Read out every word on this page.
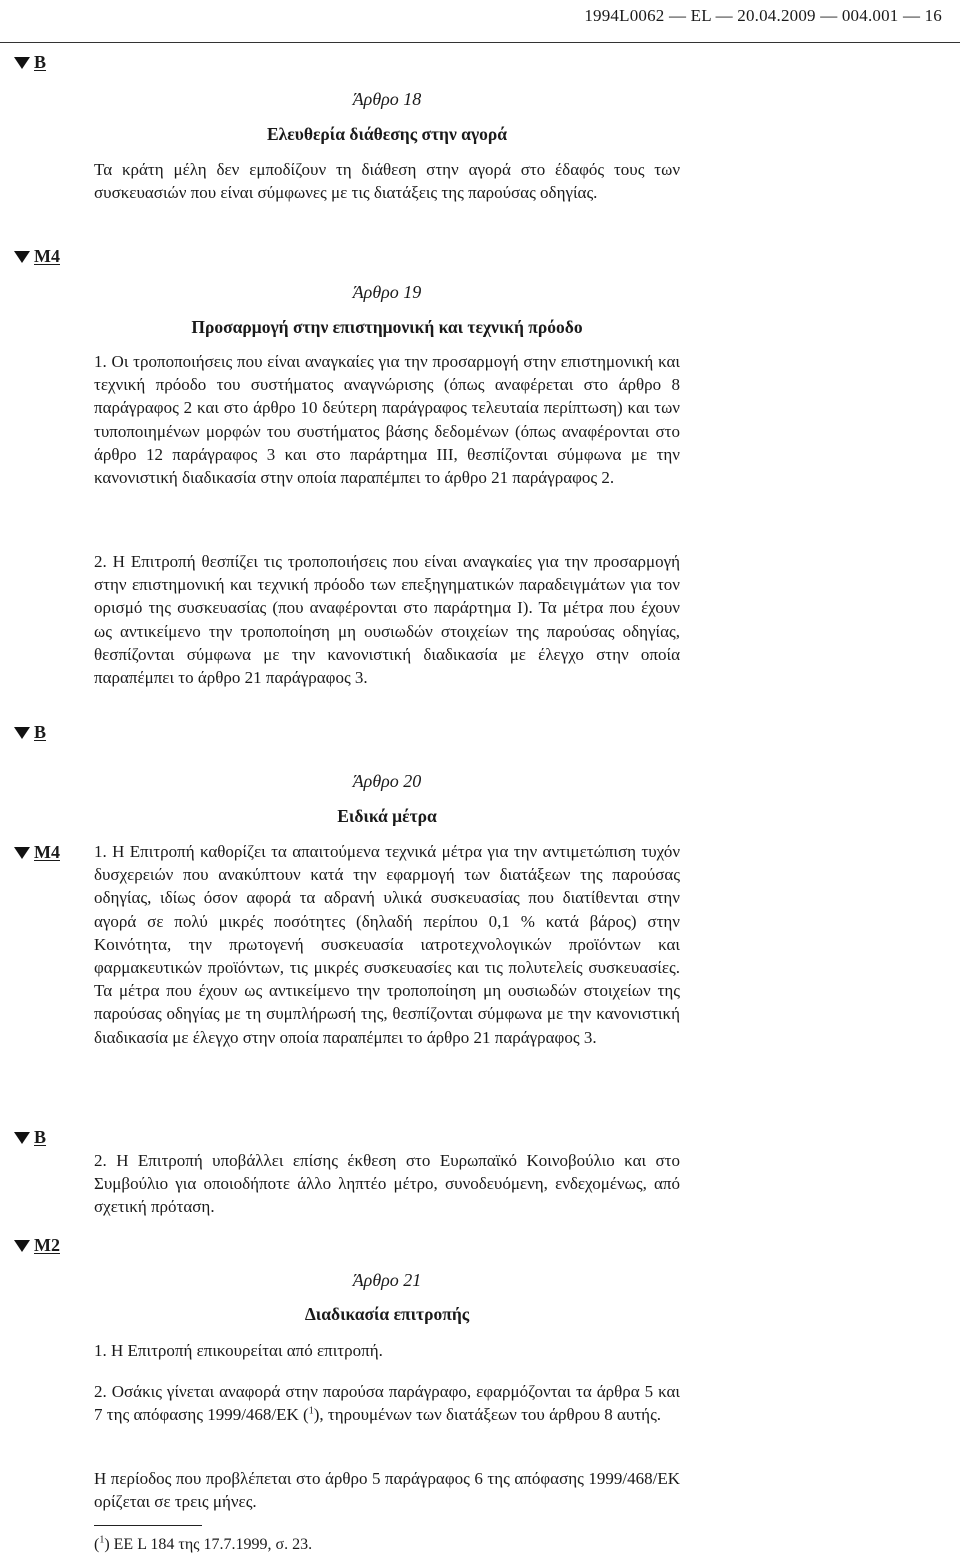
1994L0062 — EL — 20.04.2009 — 004.001 — 16
B
M4
B
M4
B
M2
Άρθρο 18
Ελευθερία διάθεσης στην αγορά

Τα κράτη μέλη δεν εμποδίζουν τη διάθεση στην αγορά στο έδαφός τους των συσκευασιών που είναι σύμφωνες με τις διατάξεις της παρούσας οδηγίας.

Άρθρο 19
Προσαρμογή στην επιστημονική και τεχνική πρόοδο

1. Οι τροποποιήσεις που είναι αναγκαίες για την προσαρμογή στην επιστημονική και τεχνική πρόοδο του συστήματος αναγνώρισης (όπως αναφέρεται στο άρθρο 8 παράγραφος 2 και στο άρθρο 10 δεύτερη παράγραφος τελευταία περίπτωση) και των τυποποιημένων μορφών του συστήματος βάσης δεδομένων (όπως αναφέρονται στο άρθρο 12 παράγραφος 3 και στο παράρτημα III, θεσπίζονται σύμφωνα με την κανονιστική διαδικασία στην οποία παραπέμπει το άρθρο 21 παράγραφος 2.

2. Η Επιτροπή θεσπίζει τις τροποποιήσεις που είναι αναγκαίες για την προσαρμογή στην επιστημονική και τεχνική πρόοδο των επεξηγηματικών παραδειγμάτων για τον ορισμό της συσκευασίας (που αναφέρονται στο παράρτημα I). Τα μέτρα που έχουν ως αντικείμενο την τροποποίηση μη ουσιωδών στοιχείων της παρούσας οδηγίας, θεσπίζονται σύμφωνα με την κανονιστική διαδικασία με έλεγχο στην οποία παραπέμπει το άρθρο 21 παράγραφος 3.

Άρθρο 20
Ειδικά μέτρα

1. Η Επιτροπή καθορίζει τα απαιτούμενα τεχνικά μέτρα για την αντιμετώπιση τυχόν δυσχερειών που ανακύπτουν κατά την εφαρμογή των διατάξεων της παρούσας οδηγίας, ιδίως όσον αφορά τα αδρανή υλικά συσκευασίας που διατίθενται στην αγορά σε πολύ μικρές ποσότητες (δηλαδή περίπου 0,1 % κατά βάρος) στην Κοινότητα, την πρωτογενή συσκευασία ιατροτεχνολογικών προϊόντων και φαρμακευτικών προϊόντων, τις μικρές συσκευασίες και τις πολυτελείς συσκευασίες. Τα μέτρα που έχουν ως αντικείμενο την τροποποίηση μη ουσιωδών στοιχείων της παρούσας οδηγίας με τη συμπλήρωσή της, θεσπίζονται σύμφωνα με την κανονιστική διαδικασία με έλεγχο στην οποία παραπέμπει το άρθρο 21 παράγραφος 3.

2. Η Επιτροπή υποβάλλει επίσης έκθεση στο Ευρωπαϊκό Κοινοβούλιο και στο Συμβούλιο για οποιοδήποτε άλλο ληπτέο μέτρο, συνοδευόμενη, ενδεχομένως, από σχετική πρόταση.

Άρθρο 21
Διαδικασία επιτροπής

1. Η Επιτροπή επικουρείται από επιτροπή.

2. Οσάκις γίνεται αναφορά στην παρούσα παράγραφο, εφαρμόζονται τα άρθρα 5 και 7 της απόφασης 1999/468/ΕΚ ($^1$), τηρουμένων των διατάξεων του άρθρου 8 αυτής.

Η περίοδος που προβλέπεται στο άρθρο 5 παράγραφος 6 της απόφασης 1999/468/ΕΚ ορίζεται σε τρεις μήνες.

($^1$) ΕΕ L 184 της 17.7.1999, σ. 23.
